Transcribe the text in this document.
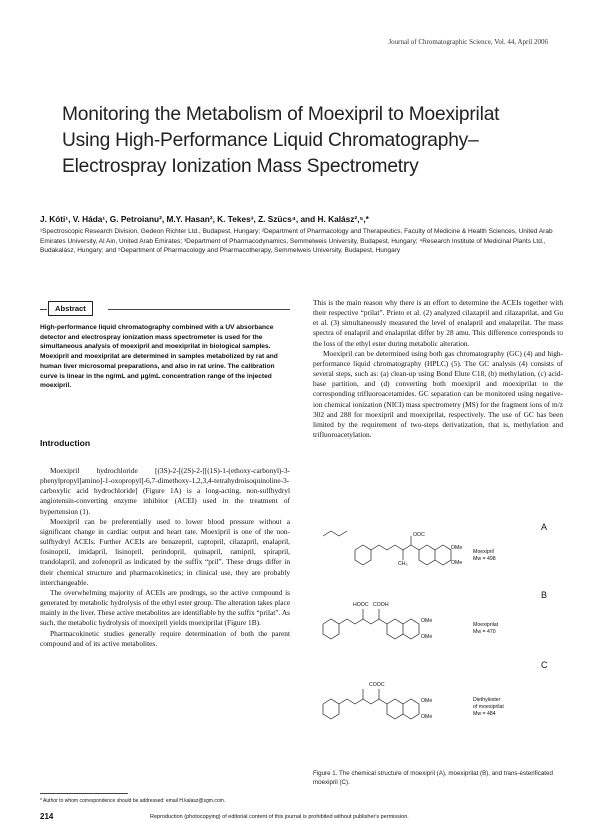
Journal of Chromatographic Science, Vol. 44, April 2006
Monitoring the Metabolism of Moexipril to Moexiprilat
Using High-Performance Liquid Chromatography–
Electrospray Ionization Mass Spectrometry
J. Kóti¹, V. Háda¹, G. Petroianu², M.Y. Hasan², K. Tekes³, Z. Szücs⁴, and H. Kalász²,⁵,*
¹Spectroscopic Research Division, Gedeon Richter Ltd., Budapest, Hungary; ²Department of Pharmacology and Therapeutics, Faculty of Medicine & Health Sciences, United Arab Emirates University, Al Ain, United Arab Emirates; ³Department of Pharmacodynamics, Semmelweis University, Budapest, Hungary; ⁴Research Institute of Medicinal Plants Ltd., Budakalász, Hungary; and ⁵Department of Pharmacology and Pharmacotherapy, Semmelweis University, Budapest, Hungary
Abstract
High-performance liquid chromatography combined with a UV absorbance detector and electrospray ionization mass spectrometer is used for the simultaneous analysis of moexipril and moexiprilat in biological samples. Moexipril and moexiprilat are determined in samples metabolized by rat and human liver microsomal preparations, and also in rat urine. The calibration curve is linear in the ng/mL and µg/mL concentration range of the injected moexipril.
Introduction

Moexipril hydrochloride [(3S)-2-[(2S)-2-[[(1S)-1-(ethoxy-carbonyl)-3-phenylpropyl]amino]-1-oxopropyl]-6,7-dimethoxy-1,2,3,4-tetrahydroisoquinoline-3-carboxylic acid hydrochloride] (Figure 1A) is a long-acting, non-sulfhydryl angiotensin-converting enzyme inhibitor (ACEI) used in the treatment of hypertension (1).

Moexipril can be preferentially used to lower blood pressure without a significant change in cardiac output and heart rate. Moexipril is one of the non-sulfhydryl ACEIs. Further ACEIs are benazepril, captopril, cilazapril, enalapril, fosinopril, imidapril, lisinopril, perindopril, quinapril, ramipril, spirapril, trandolapril, and zofenopril as indicated by the suffix “pril”. These drugs differ in their chemical structure and pharmacokinetics; in clinical use, they are probably interchangeable.

The overwhelming majority of ACEIs are prodrugs, so the active compound is generated by metabolic hydrolysis of the ethyl ester group. The alteration takes place mainly in the liver. These active metabolites are identifiable by the suffix “prilat”. As such, the metabolic hydrolysis of moexipril yields moexiprilat (Figure 1B).

Pharmacokinetic studies generally require determination of both the parent compound and of its active metabolites.

This is the main reason why there is an effort to determine the ACEIs together with their respective “prilat”. Prieto et al. (2) analyzed cilazapril and cilazaprilat, and Gu et al. (3) simultaneously measured the level of enalapril and enalaprilat. The mass spectra of enalapril and enalaprilat differ by 28 amu. This difference corresponds to the loss of the ethyl ester during metabolic alteration.

Moexipril can be determined using both gas chromatography (GC) (4) and high-performance liquid chromatography (HPLC) (5). The GC analysis (4) consists of several steps, such as: (a) clean-up using Bond Elute C18, (b) methylation, (c) acid-base partition, and (d) converting both moexipril and moexiprilat to the corresponding trifluoroacetamides. GC separation can be monitored using negative-ion chemical ionization (NICI) mass spectrometry (MS) for the fragment ions of m/z 302 and 288 for moexipril and moexiprilat, respectively. The use of GC has been limited by the requirement of two-steps derivatization, that is, methylation and trifluoroacetylation.

A
Moexipril
Mw = 498
OOC
OMe
OMe
CH₃
B
Moexiprilat
Mw = 470
HOOC COOH
OMe
OMe
C
Diethylester
of moexiprilat
Mw = 484
COOC
OMe
OMe
Figure 1. The chemical structure of moexipril (A), moexiprilat (B), and trans-esterificated moexipril (C).
* Author to whom correspondence should be addressed: email H.kalasz@sgm.com.
214	Reproduction (photocopying) of editorial content of this journal is prohibited without publisher's permission.
